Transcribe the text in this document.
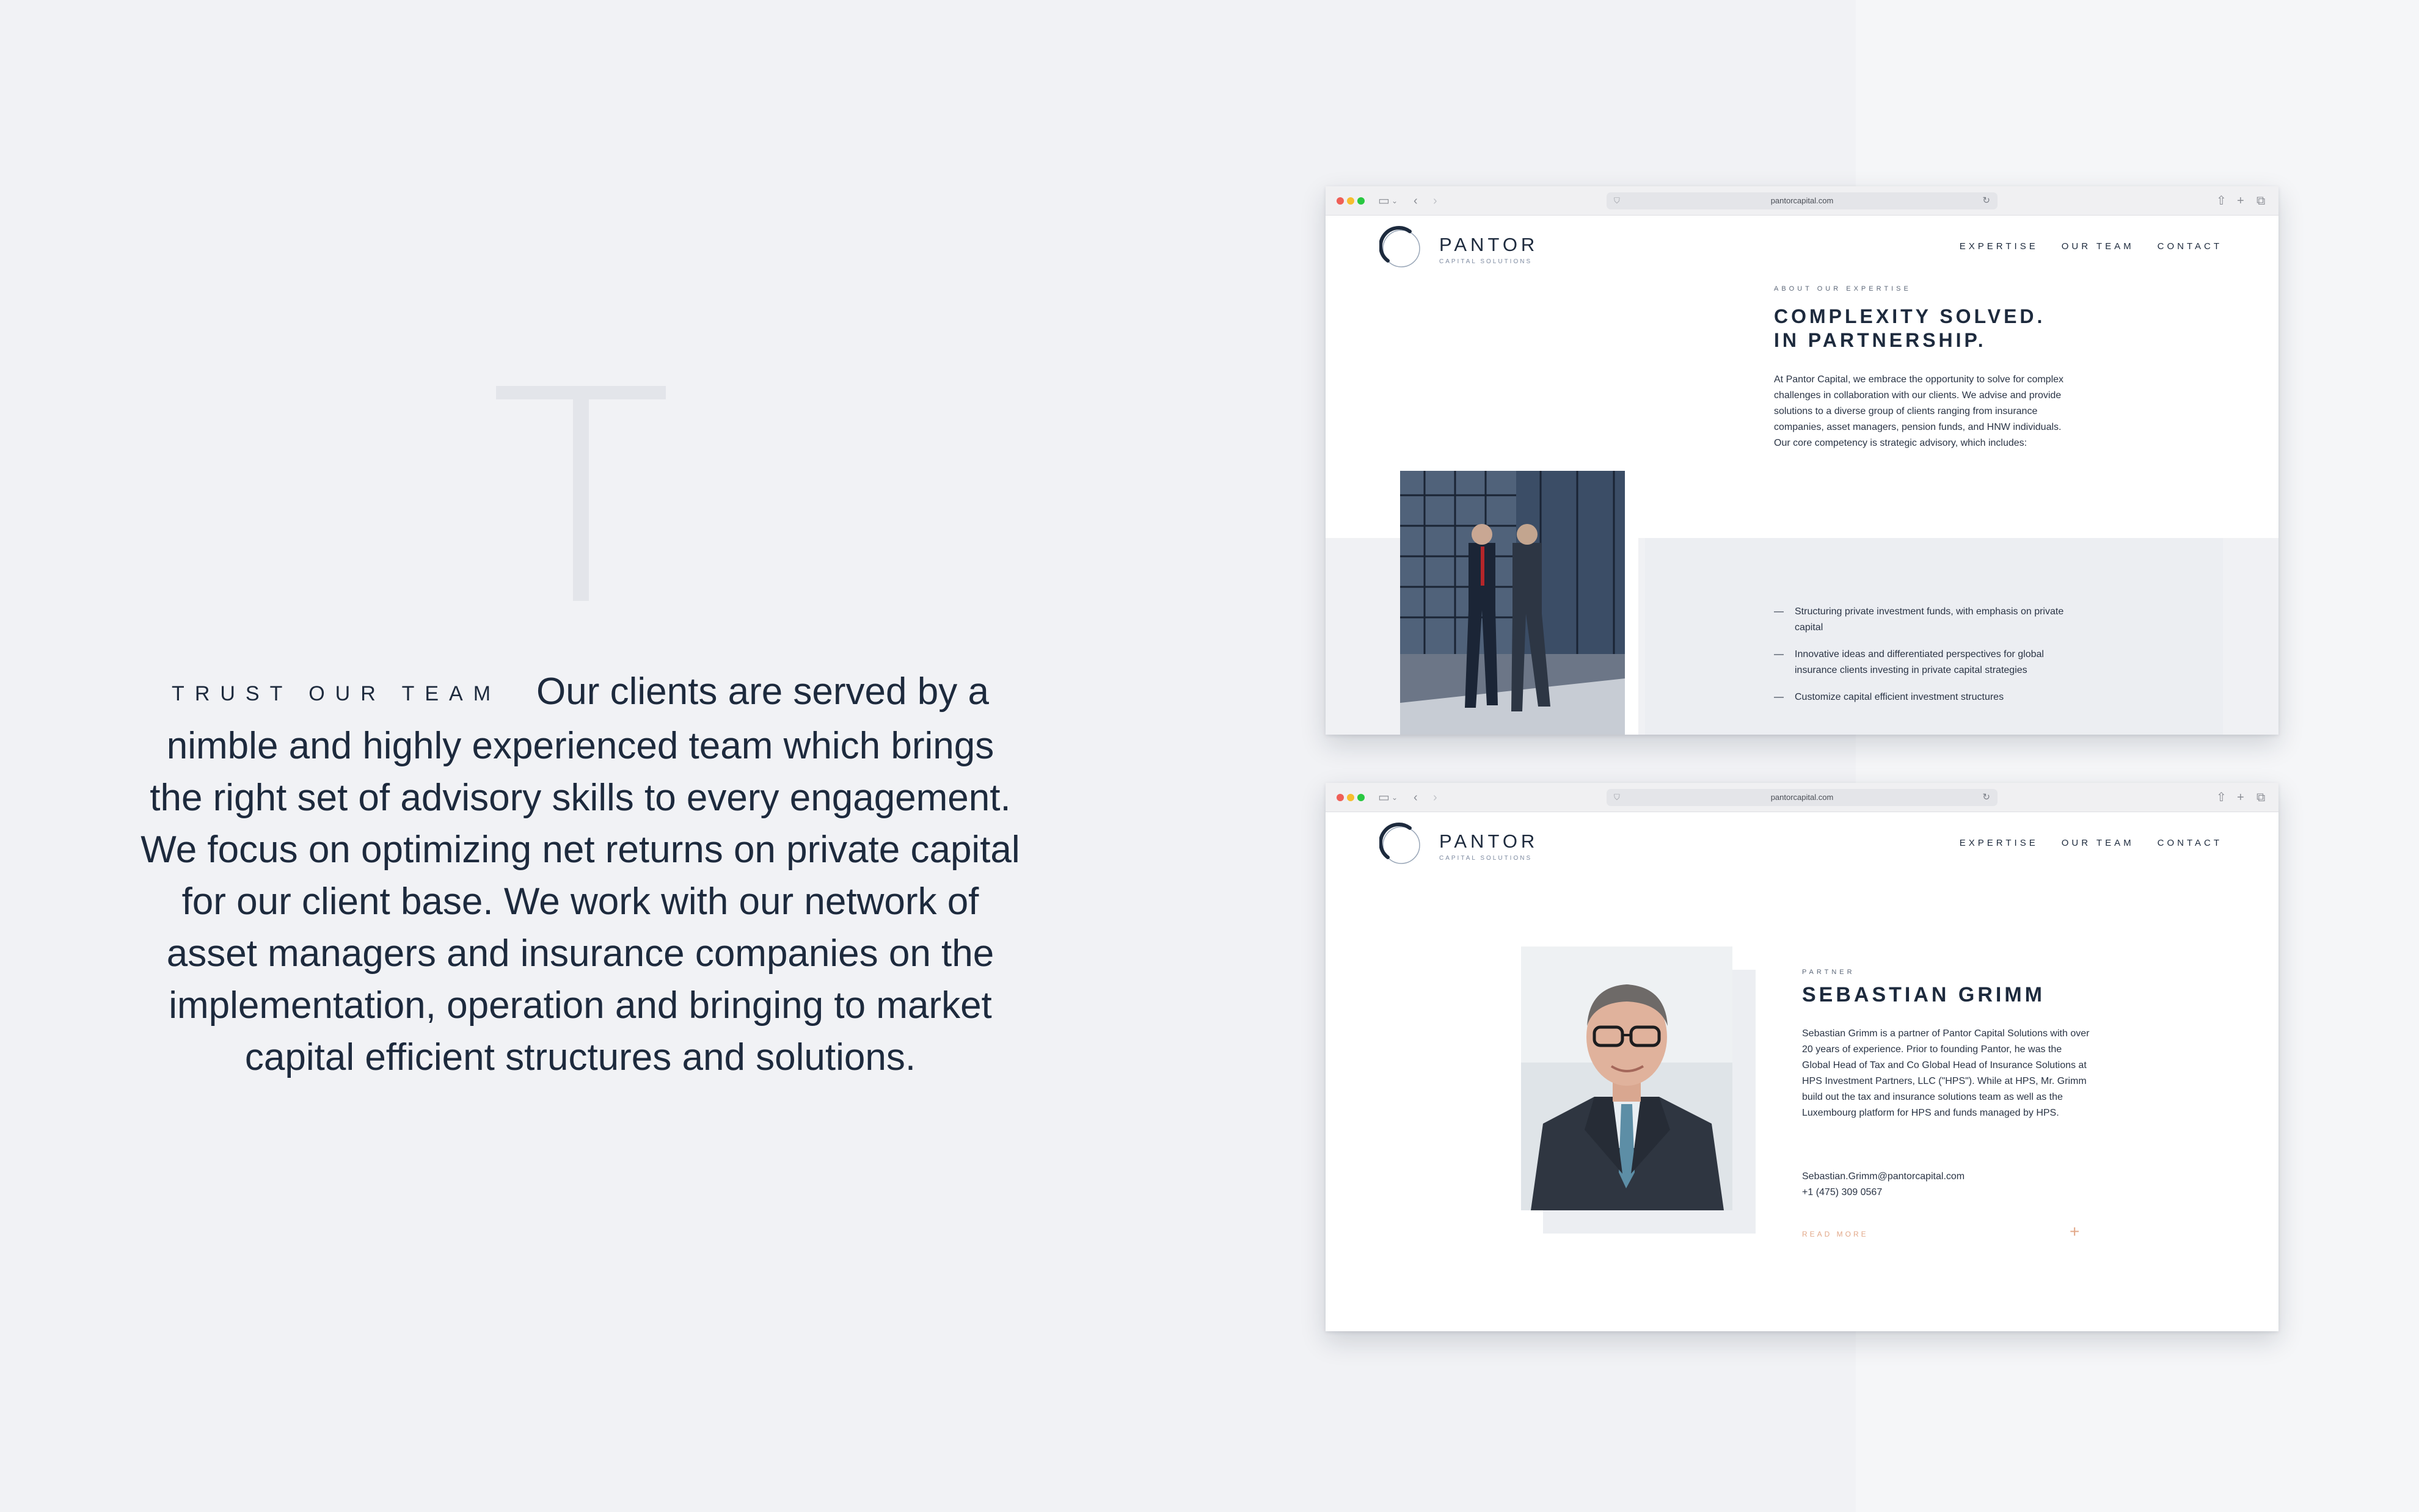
TRUST OUR TEAM Our clients are served by a nimble and highly experienced team which brings the right set of advisory skills to every engagement. We focus on optimizing net returns on private capital for our client base. We work with our network of asset managers and insurance companies on the implementation, operation and bringing to market capital efficient structures and solutions.

▭ ⌄ ‹ ›	⛉	pantorcapital.com	↻	⇧ + ⧉
PANTOR
CAPITAL SOLUTIONS
EXPERTISE	OUR TEAM	CONTACT
ABOUT OUR EXPERTISE
COMPLEXITY SOLVED.
IN PARTNERSHIP.

At Pantor Capital, we embrace the opportunity to solve for complex challenges in collaboration with our clients. We advise and provide solutions to a diverse group of clients ranging from insurance companies, asset managers, pension funds, and HNW individuals. Our core competency is strategic advisory, which includes:

— Structuring private investment funds, with emphasis on private capital
— Innovative ideas and differentiated perspectives for global insurance clients investing in private capital strategies
— Customize capital efficient investment structures
▭ ⌄ ‹ ›	⛉	pantorcapital.com	↻	⇧ + ⧉
PANTOR
CAPITAL SOLUTIONS
EXPERTISE	OUR TEAM	CONTACT
PARTNER
SEBASTIAN GRIMM

Sebastian Grimm is a partner of Pantor Capital Solutions with over 20 years of experience. Prior to founding Pantor, he was the Global Head of Tax and Co Global Head of Insurance Solutions at HPS Investment Partners, LLC ("HPS"). While at HPS, Mr. Grimm build out the tax and insurance solutions team as well as the Luxembourg platform for HPS and funds managed by HPS.

Sebastian.Grimm@pantorcapital.com
+1 (475) 309 0567
READ MORE	+
